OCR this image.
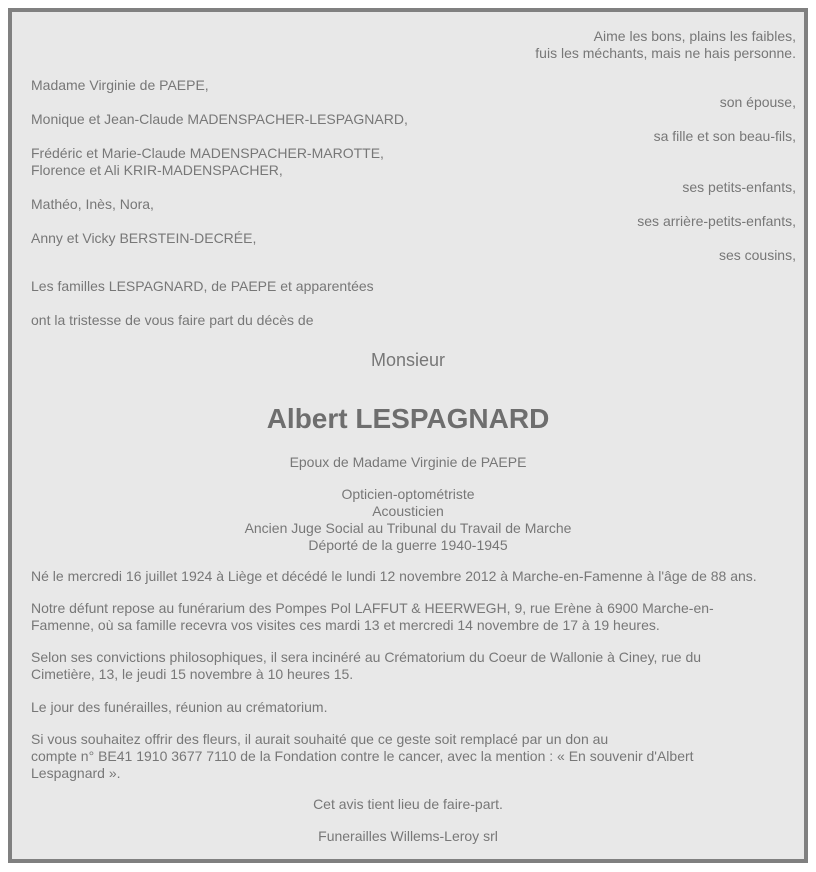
Aime les bons, plains les faibles,
fuis les méchants, mais ne hais personne.
Madame Virginie de PAEPE,
son épouse,
Monique et Jean-Claude MADENSPACHER-LESPAGNARD,
sa fille et son beau-fils,
Frédéric et Marie-Claude MADENSPACHER-MAROTTE,
Florence et Ali KRIR-MADENSPACHER,
ses petits-enfants,
Mathéo, Inès, Nora,
ses arrière-petits-enfants,
Anny et Vicky BERSTEIN-DECRÉE,
ses cousins,
Les familles LESPAGNARD, de PAEPE et apparentées
ont la tristesse de vous faire part du décès de
Monsieur
Albert LESPAGNARD
Epoux de Madame Virginie de PAEPE
Opticien-optométriste
Acousticien
Ancien Juge Social au Tribunal du Travail de Marche
Déporté de la guerre 1940-1945
Né le mercredi 16 juillet 1924 à Liège et décédé le lundi 12 novembre 2012 à Marche-en-Famenne à l'âge de 88 ans.
Notre défunt repose au funérarium des Pompes Pol LAFFUT & HEERWEGH, 9, rue Erène à 6900 Marche-en-
Famenne, où sa famille recevra vos visites ces mardi 13 et mercredi 14 novembre de 17 à 19 heures.
Selon ses convictions philosophiques, il sera incinéré au Crématorium du Coeur de Wallonie à Ciney, rue du
Cimetière, 13, le jeudi 15 novembre à 10 heures 15.
Le jour des funérailles, réunion au crématorium.
Si vous souhaitez offrir des fleurs, il aurait souhaité que ce geste soit remplacé par un don au
compte n° BE41 1910 3677 7110 de la Fondation contre le cancer, avec la mention : « En souvenir d'Albert
Lespagnard ».
Cet avis tient lieu de faire-part.
Funerailles Willems-Leroy srl
